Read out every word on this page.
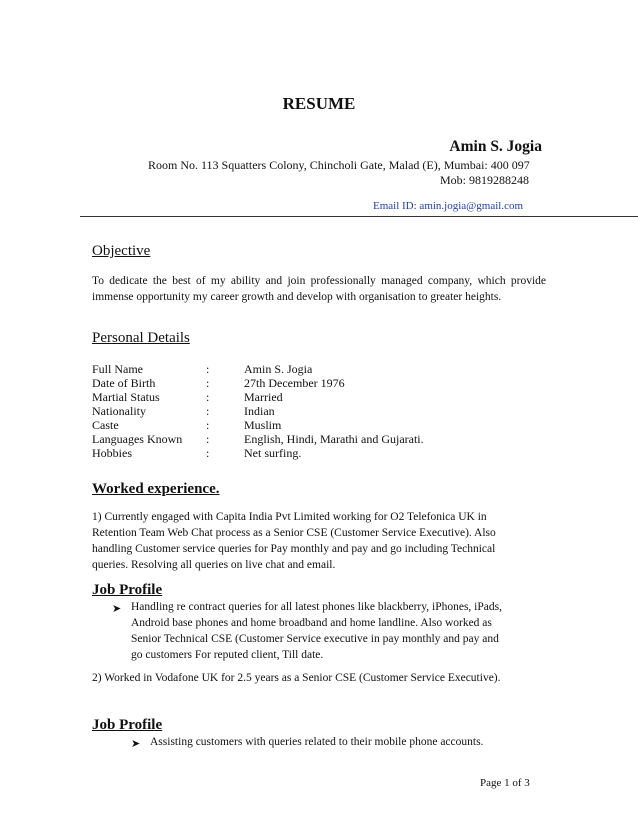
RESUME
Amin S. Jogia
Room No. 113 Squatters Colony, Chincholi Gate, Malad (E), Mumbai: 400 097
Mob: 9819288248
Email ID: amin.jogia@gmail.com
Objective
To dedicate the best of my ability and join professionally managed company, which provide immense opportunity my career growth and develop with organisation to greater heights.
Personal Details
Full Name	:	Amin S. Jogia
Date of Birth	:	27th December 1976
Martial Status	:	Married
Nationality	:	Indian
Caste	:	Muslim
Languages Known :	English, Hindi, Marathi and Gujarati.
Hobbies	:	Net surfing.
Worked experience.
1) Currently engaged with Capita India Pvt Limited working for O2 Telefonica UK in
Retention Team Web Chat process as a Senior CSE (Customer Service Executive). Also
handling Customer service queries for Pay monthly and pay and go including Technical
queries. Resolving all queries on live chat and email.
Job Profile
➤ Handling re contract queries for all latest phones like blackberry, iPhones, iPads,
Android base phones and home broadband and home landline. Also worked as
Senior Technical CSE (Customer Service executive in pay monthly and pay and
go customers For reputed client, Till date.
2) Worked in Vodafone UK for 2.5 years as a Senior CSE (Customer Service Executive).
Job Profile
➤ Assisting customers with queries related to their mobile phone accounts.
Page 1 of 3
